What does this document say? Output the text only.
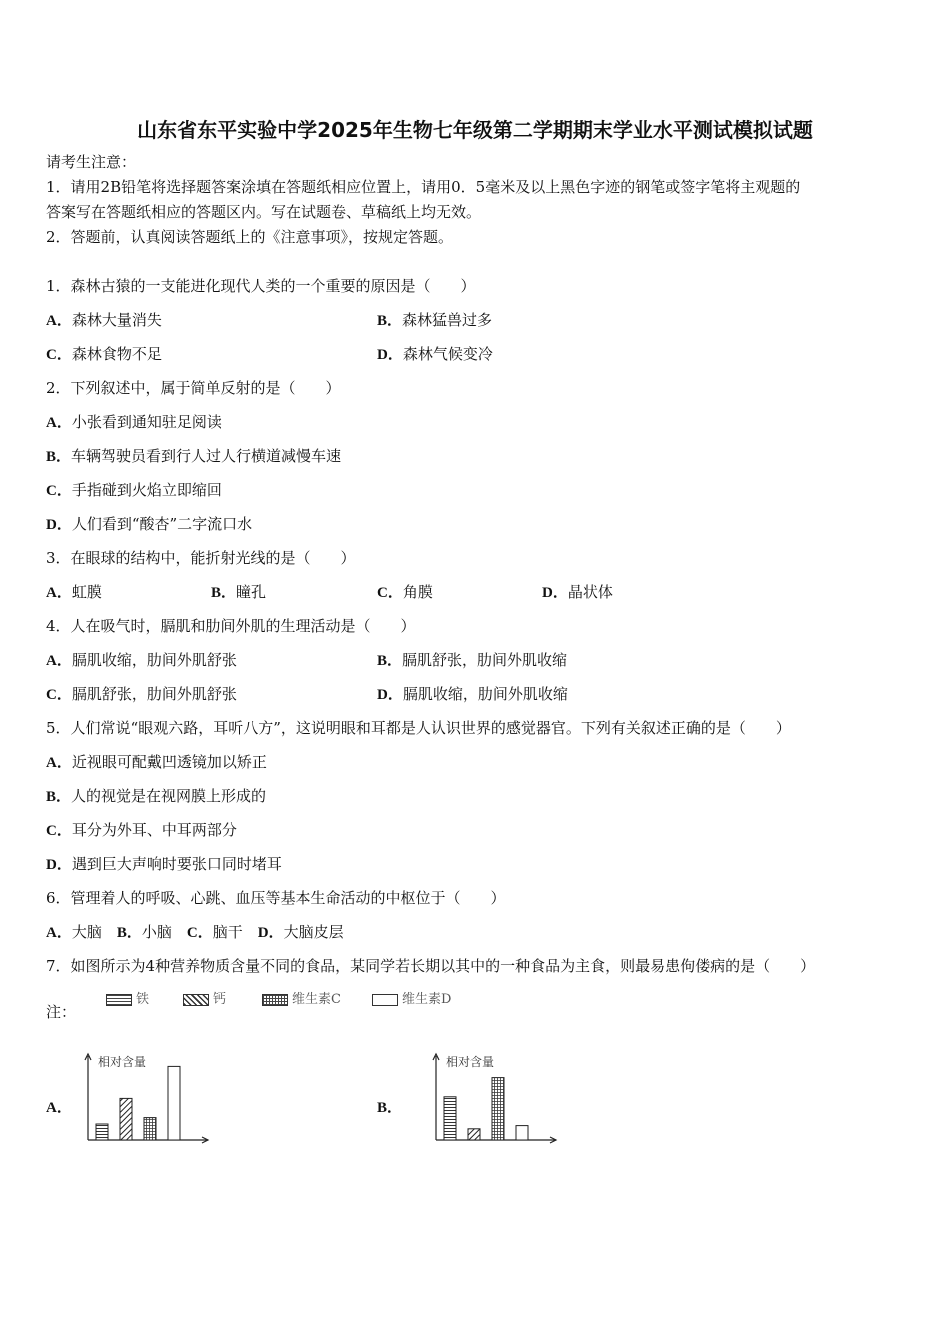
山东省东平实验中学2025年生物七年级第二学期期末学业水平测试模拟试题
请考生注意：
1．请用2B铅笔将选择题答案涂填在答题纸相应位置上，请用0．5毫米及以上黑色字迹的钢笔或签字笔将主观题的
答案写在答题纸相应的答题区内。写在试题卷、草稿纸上均无效。
2．答题前，认真阅读答题纸上的《注意事项》，按规定答题。
1．森林古猿的一支能进化现代人类的一个重要的原因是（　　）
A．森林大量消失	B．森林猛兽过多
C．森林食物不足	D．森林气候变冷
2．下列叙述中，属于简单反射的是（　　）
A．小张看到通知驻足阅读
B．车辆驾驶员看到行人过人行横道减慢车速
C．手指碰到火焰立即缩回
D．人们看到“酸杏”二字流口水
3．在眼球的结构中，能折射光线的是（　　）
A．虹膜	B．瞳孔	C．角膜	D．晶状体
4．人在吸气时，膈肌和肋间外肌的生理活动是（　　）
A．膈肌收缩，肋间外肌舒张	B．膈肌舒张，肋间外肌收缩
C．膈肌舒张，肋间外肌舒张	D．膈肌收缩，肋间外肌收缩
5．人们常说“眼观六路，耳听八方”，这说明眼和耳都是人认识世界的感觉器官。下列有关叙述正确的是（　　）
A．近视眼可配戴凹透镜加以矫正
B．人的视觉是在视网膜上形成的
C．耳分为外耳、中耳两部分
D．遇到巨大声响时要张口同时堵耳
6．管理着人的呼吸、心跳、血压等基本生命活动的中枢位于（　　）
A．大脑　 B．小脑　 C．脑干　 D．大脑皮层
7．如图所示为4种营养物质含量不同的食品，某同学若长期以其中的一种食品为主食，则最易患佝偻病的是（　　）
注：
铁	钙	维生素C	维生素D
A．	B．
相对含量	相对含量
